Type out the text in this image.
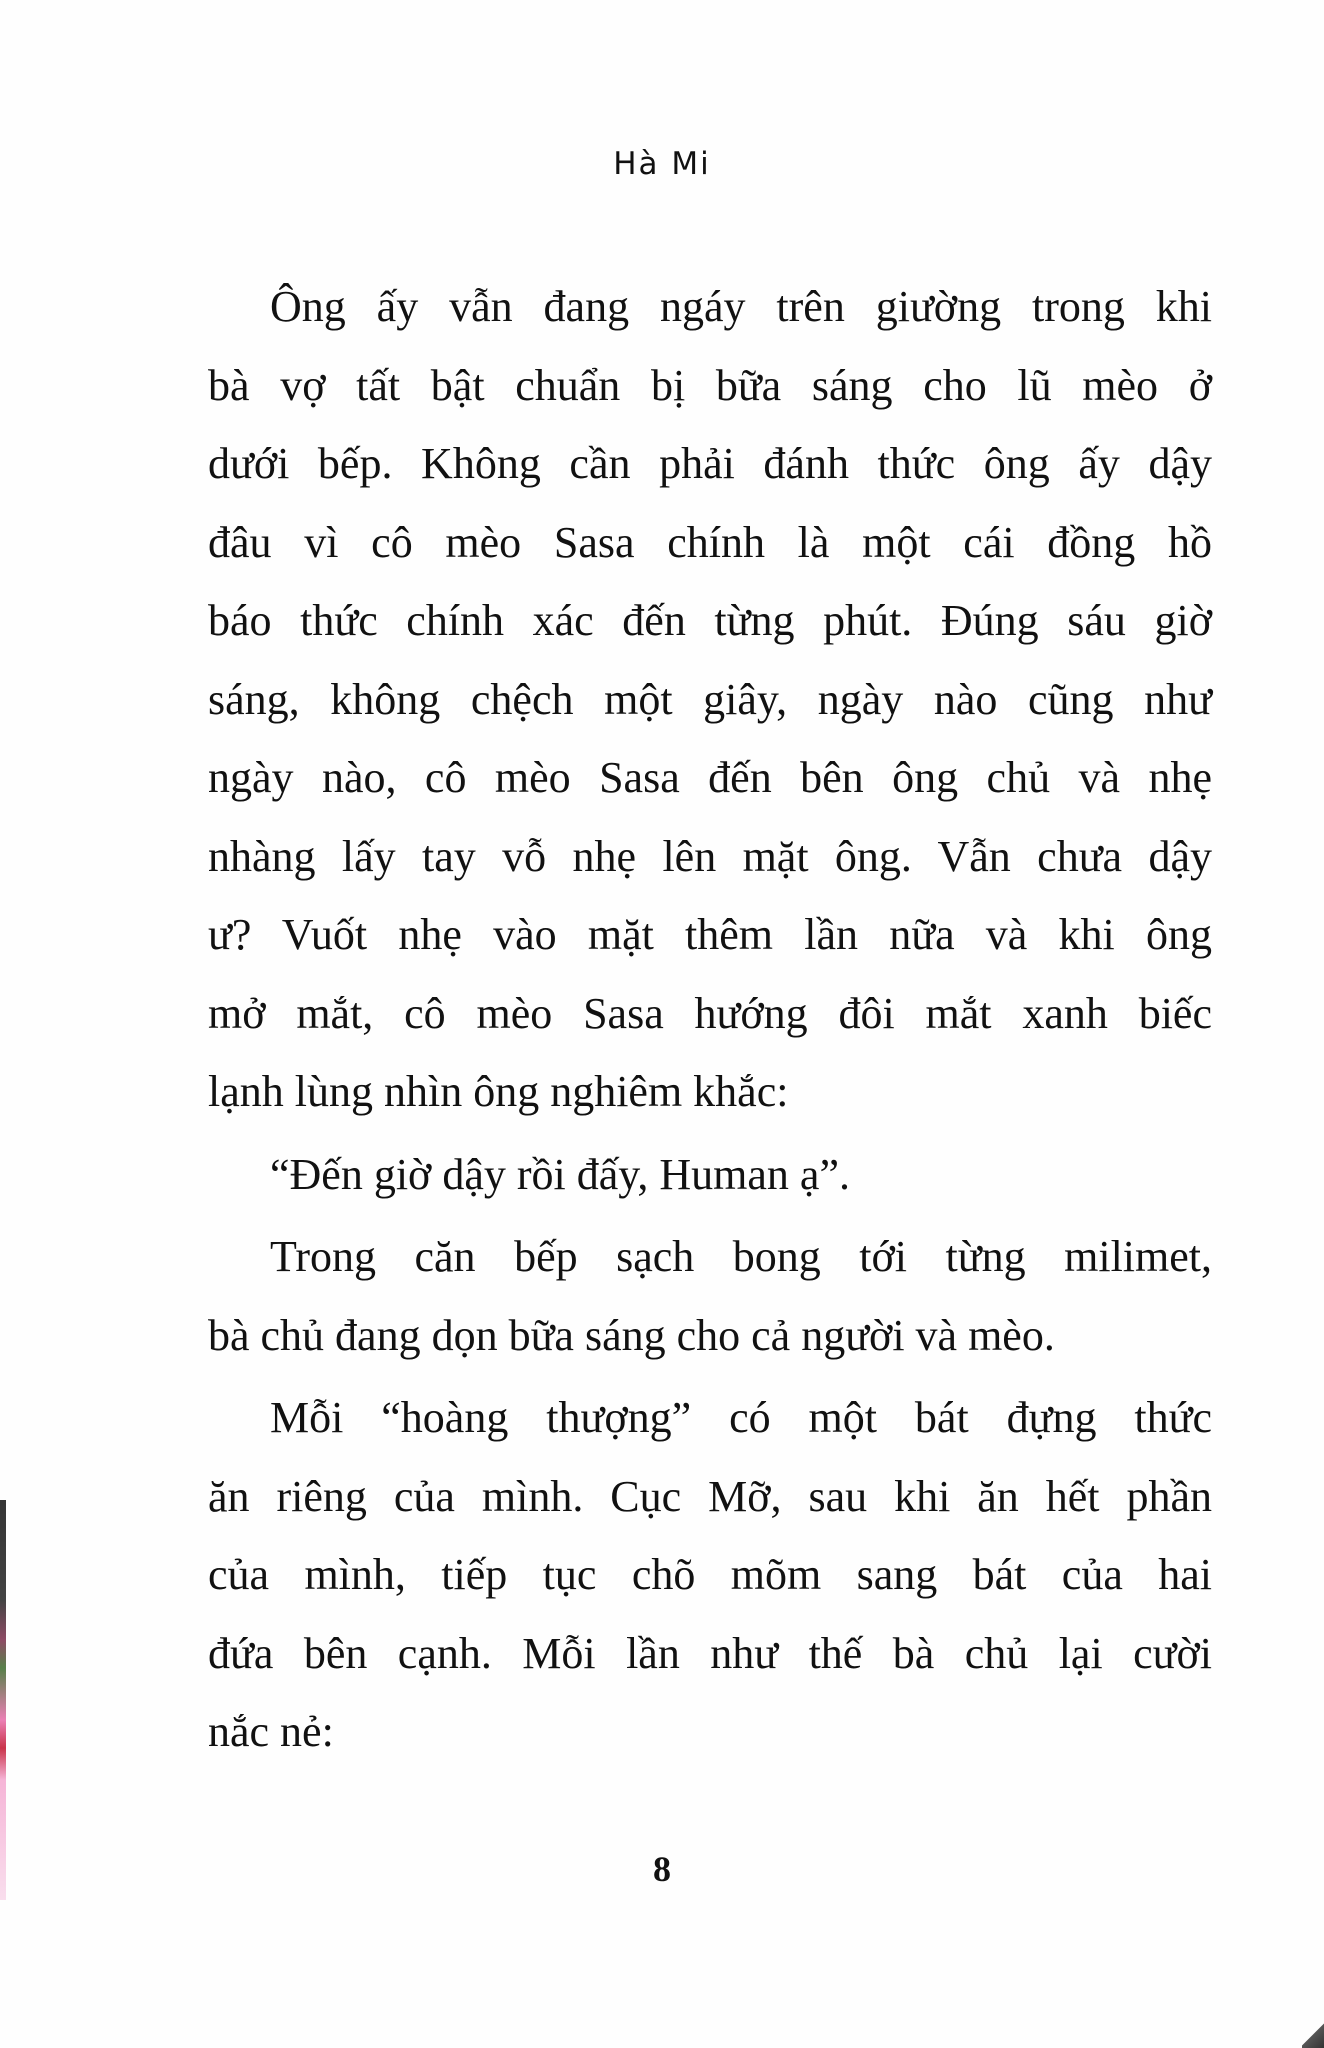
Hà Mi
Ông ấy vẫn đang ngáy trên giường trong khi
bà vợ tất bật chuẩn bị bữa sáng cho lũ mèo ở
dưới bếp. Không cần phải đánh thức ông ấy dậy
đâu vì cô mèo Sasa chính là một cái đồng hồ
báo thức chính xác đến từng phút. Đúng sáu giờ
sáng, không chệch một giây, ngày nào cũng như
ngày nào, cô mèo Sasa đến bên ông chủ và nhẹ
nhàng lấy tay vỗ nhẹ lên mặt ông. Vẫn chưa dậy
ư? Vuốt nhẹ vào mặt thêm lần nữa và khi ông
mở mắt, cô mèo Sasa hướng đôi mắt xanh biếc
lạnh lùng nhìn ông nghiêm khắc:
“Đến giờ dậy rồi đấy, Human ạ”.
Trong căn bếp sạch bong tới từng milimet,
bà chủ đang dọn bữa sáng cho cả người và mèo.
Mỗi “hoàng thượng” có một bát đựng thức
ăn riêng của mình. Cục Mỡ, sau khi ăn hết phần
của mình, tiếp tục chõ mõm sang bát của hai
đứa bên cạnh. Mỗi lần như thế bà chủ lại cười
nắc nẻ:
8
